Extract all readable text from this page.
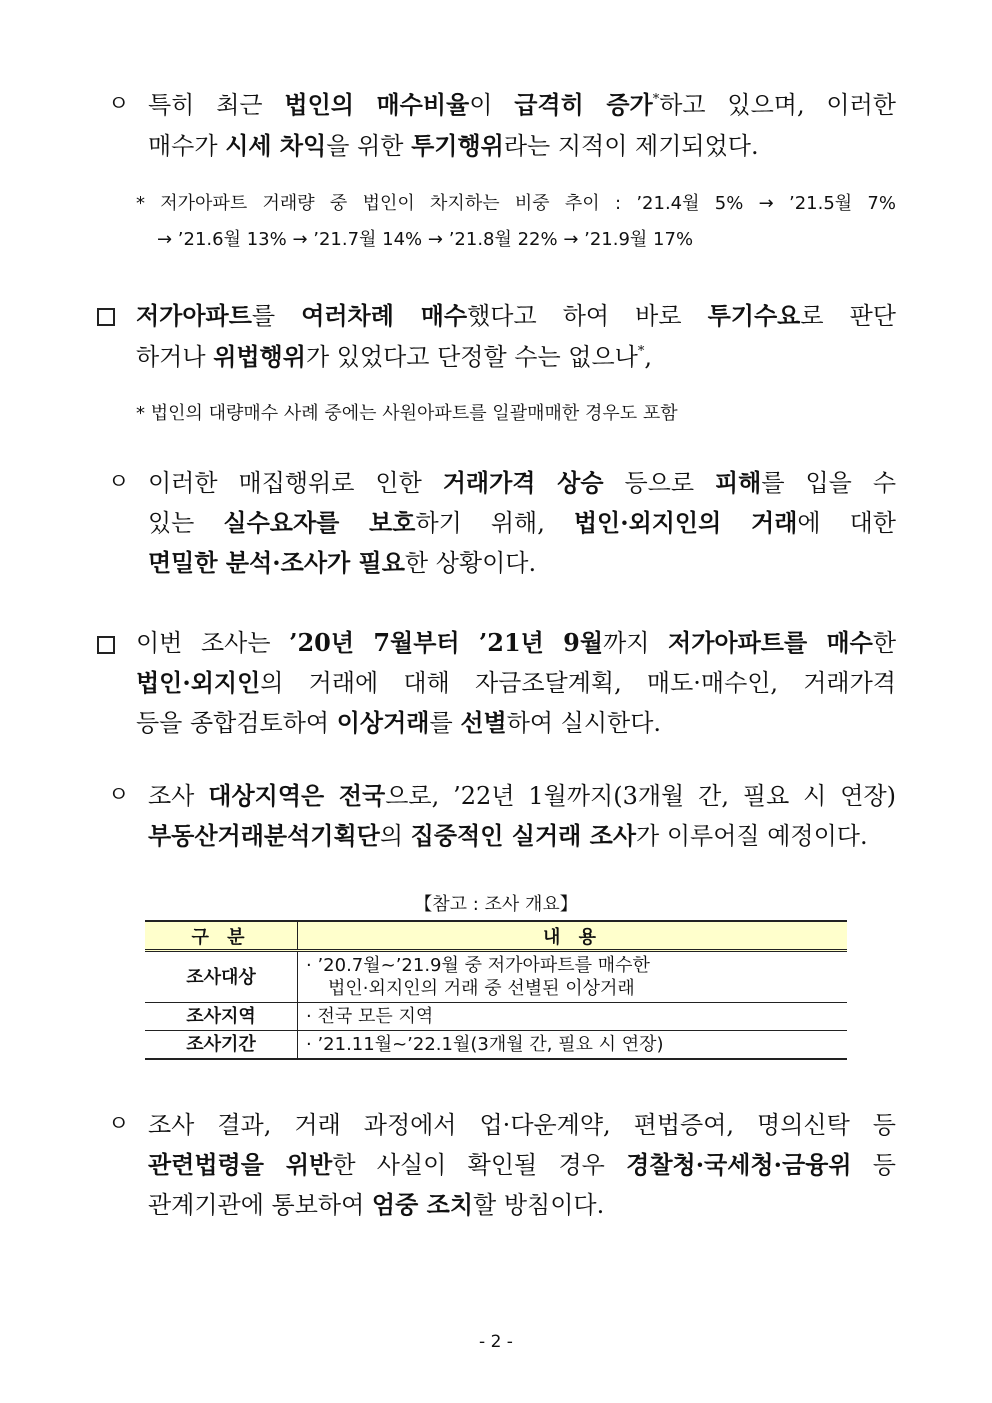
ㅇ 특히 최근 법인의 매수비율이 급격히 증가*하고 있으며, 이러한
매수가 시세 차익을 위한 투기행위라는 지적이 제기되었다.
* 저가아파트 거래량 중 법인이 차지하는 비중 추이 : ’21.4월 5% → ’21.5월 7%
→ ’21.6월 13% → ’21.7월 14% → ’21.8월 22% → ’21.9월 17%
저가아파트를 여러차례 매수했다고 하여 바로 투기수요로 판단
하거나 위법행위가 있었다고 단정할 수는 없으나*,
* 법인의 대량매수 사례 중에는 사원아파트를 일괄매매한 경우도 포함
ㅇ 이러한 매집행위로 인한 거래가격 상승 등으로 피해를 입을 수
있는 실수요자를 보호하기 위해, 법인·외지인의 거래에 대한
면밀한 분석·조사가 필요한 상황이다.
이번 조사는 ’20년 7월부터 ’21년 9월까지 저가아파트를 매수한
법인·외지인의 거래에 대해 자금조달계획, 매도·매수인, 거래가격
등을 종합검토하여 이상거래를 선별하여 실시한다.
ㅇ 조사 대상지역은 전국으로, ’22년 1월까지(3개월 간, 필요 시 연장)
부동산거래분석기획단의 집중적인 실거래 조사가 이루어질 예정이다.
【참고 : 조사 개요】
구 분	내 용
조사대상	· ’20.7월~’21.9월 중 저가아파트를 매수한
법인·외지인의 거래 중 선별된 이상거래

조사지역	· 전국 모든 지역

조사기간	· ’21.11월~’22.1월(3개월 간, 필요 시 연장)
ㅇ 조사 결과, 거래 과정에서 업·다운계약, 편법증여, 명의신탁 등
관련법령을 위반한 사실이 확인될 경우 경찰청·국세청·금융위 등
관계기관에 통보하여 엄중 조치할 방침이다.
- 2 -
